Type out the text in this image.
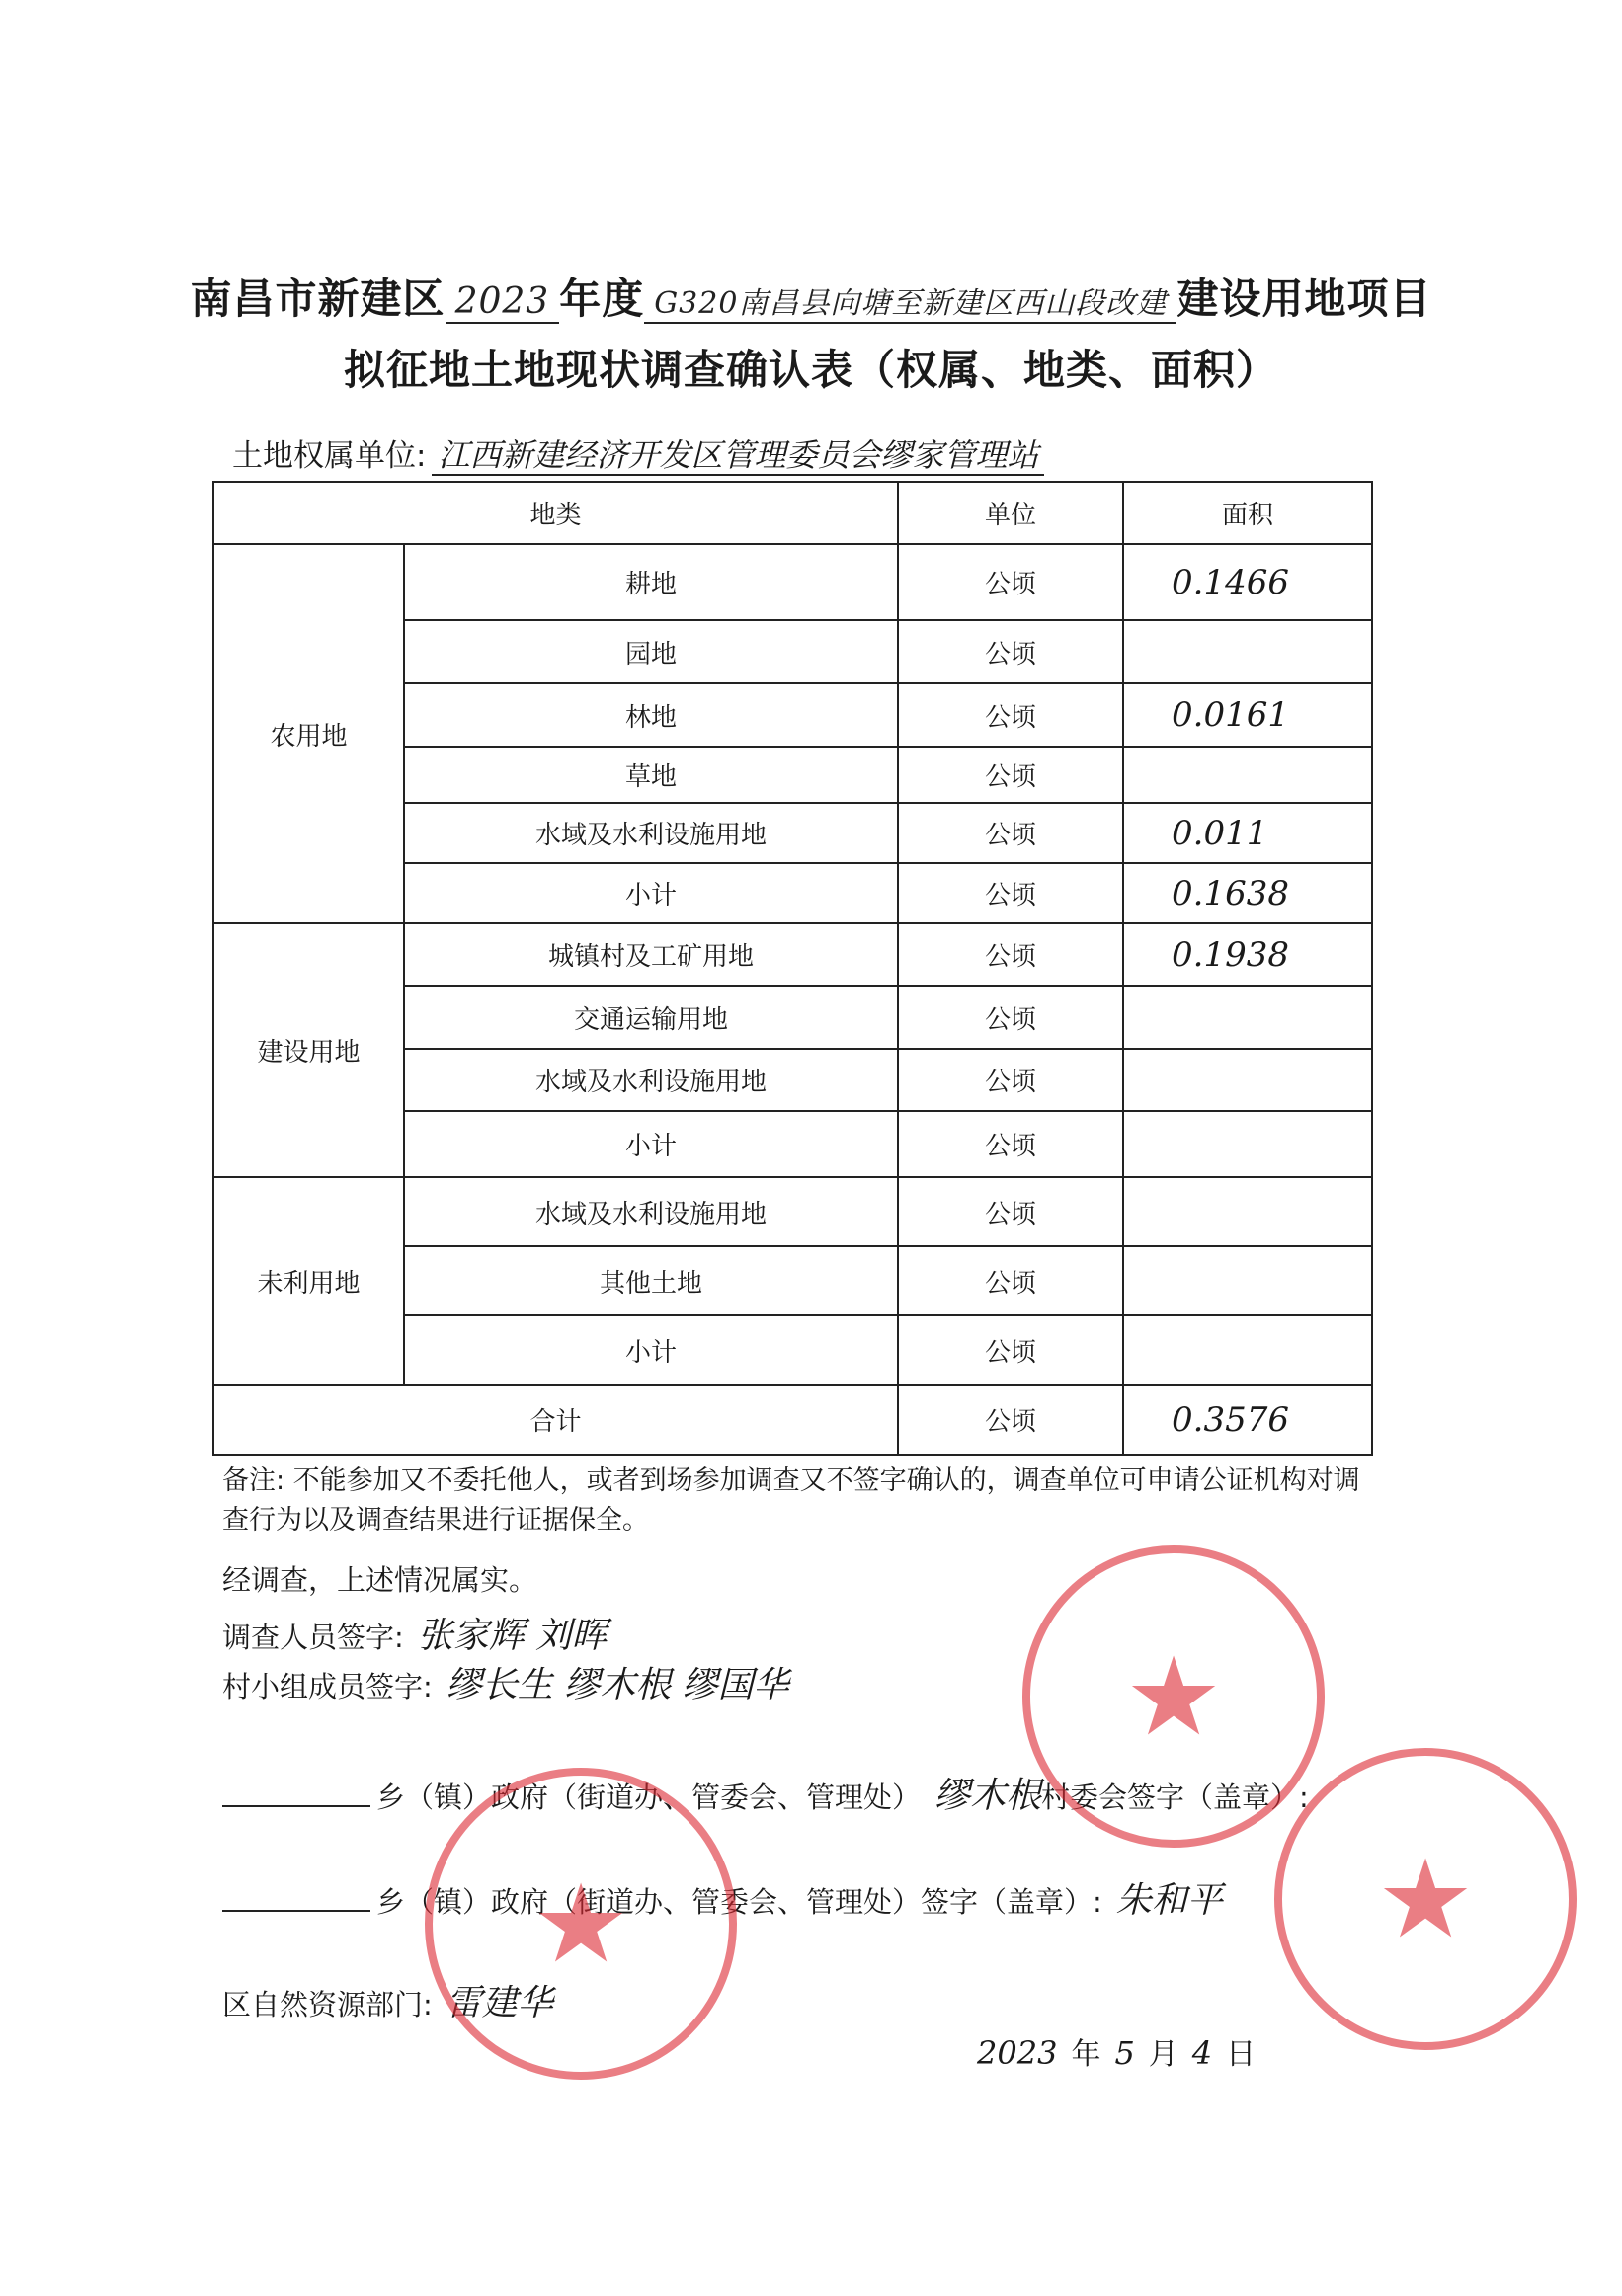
南昌市新建区 2023 年度 G320南昌县向塘至新建区西山段改建 建设用地项目
拟征地土地现状调查确认表（权属、地类、面积）
土地权属单位: 江西新建经济开发区管理委员会缪家管理站
地类		单位	面积
农用地	耕地	公顷	0.1466
	园地	公顷	
	林地	公顷	0.0161
	草地	公顷	
	水域及水利设施用地	公顷	0.011
	小计	公顷	0.1638
建设用地	城镇村及工矿用地	公顷	0.1938
	交通运输用地	公顷	
	水域及水利设施用地	公顷	
	小计	公顷	
未利用地	水域及水利设施用地	公顷	
	其他土地	公顷	
	小计	公顷	
合计		公顷	0.3576
备注: 不能参加又不委托他人，或者到场参加调查又不签字确认的，调查单位可申请公证机构对调查行为以及调查结果进行证据保全。
经调查，上述情况属实。
调查人员签字: 张家辉 刘晖
村小组成员签字: 缪长生 缪木根 缪国华
乡（镇）政府（街道办、管委会、管理处） 缪木根村委会签字（盖章）:
乡（镇）政府（街道办、管委会、管理处）签字（盖章）: 朱和平
区自然资源部门: 雷建华
2023 年 5 月 4 日
★
★
★
